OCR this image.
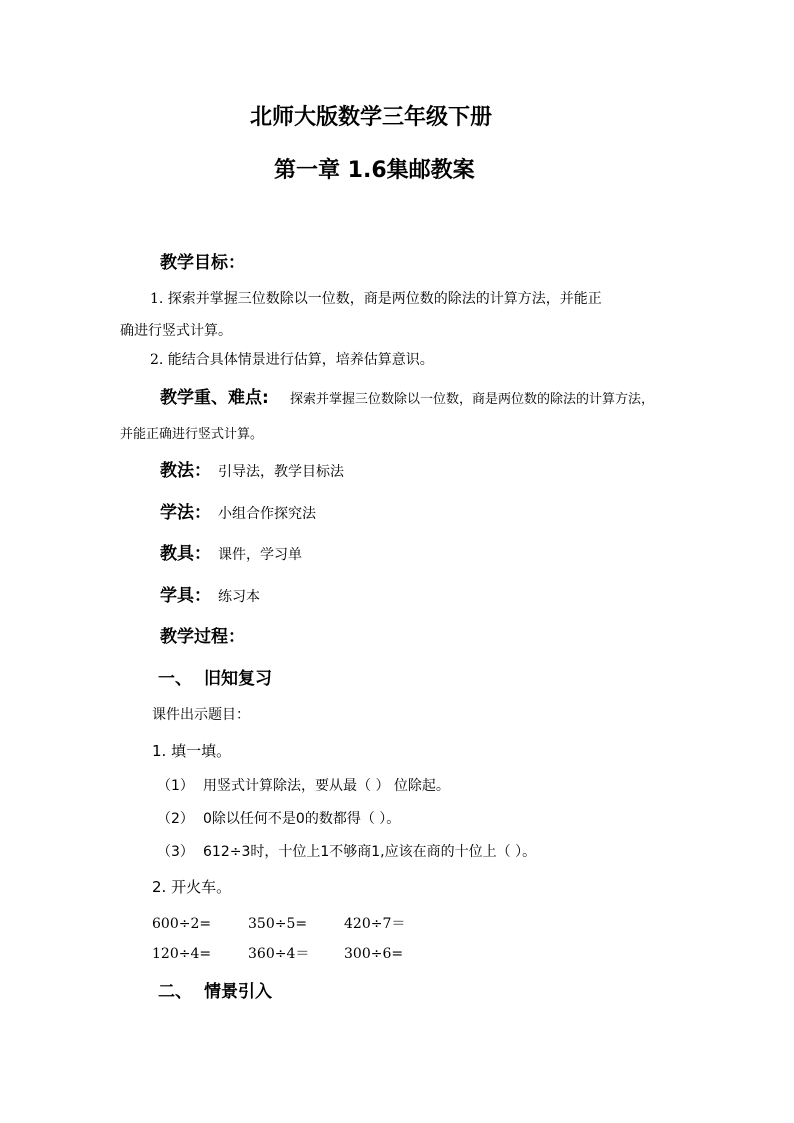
北师大版数学三年级下册
第一章 1.6集邮教案
教学目标：
1. 探索并掌握三位数除以一位数，商是两位数的除法的计算方法，并能正
确进行竖式计算。
2. 能结合具体情景进行估算，培养估算意识。
教学重、难点: 探索并掌握三位数除以一位数，商是两位数的除法的计算方法，
并能正确进行竖式计算。
教法： 引导法，教学目标法
学法： 小组合作探究法
教具： 课件，学习单
学具： 练习本
教学过程：
一、 旧知复习
课件出示题目：
1. 填一填。
（1） 用竖式计算除法，要从最（ ） 位除起。
（2） 0除以任何不是0的数都得（ ）。
（3） 612÷3时，十位上1不够商1,应该在商的十位上（ ）。
2. 开火车。
600÷2=	350÷5=	420÷7＝
120÷4=	360÷4＝ 300÷6=
二、 情景引入
